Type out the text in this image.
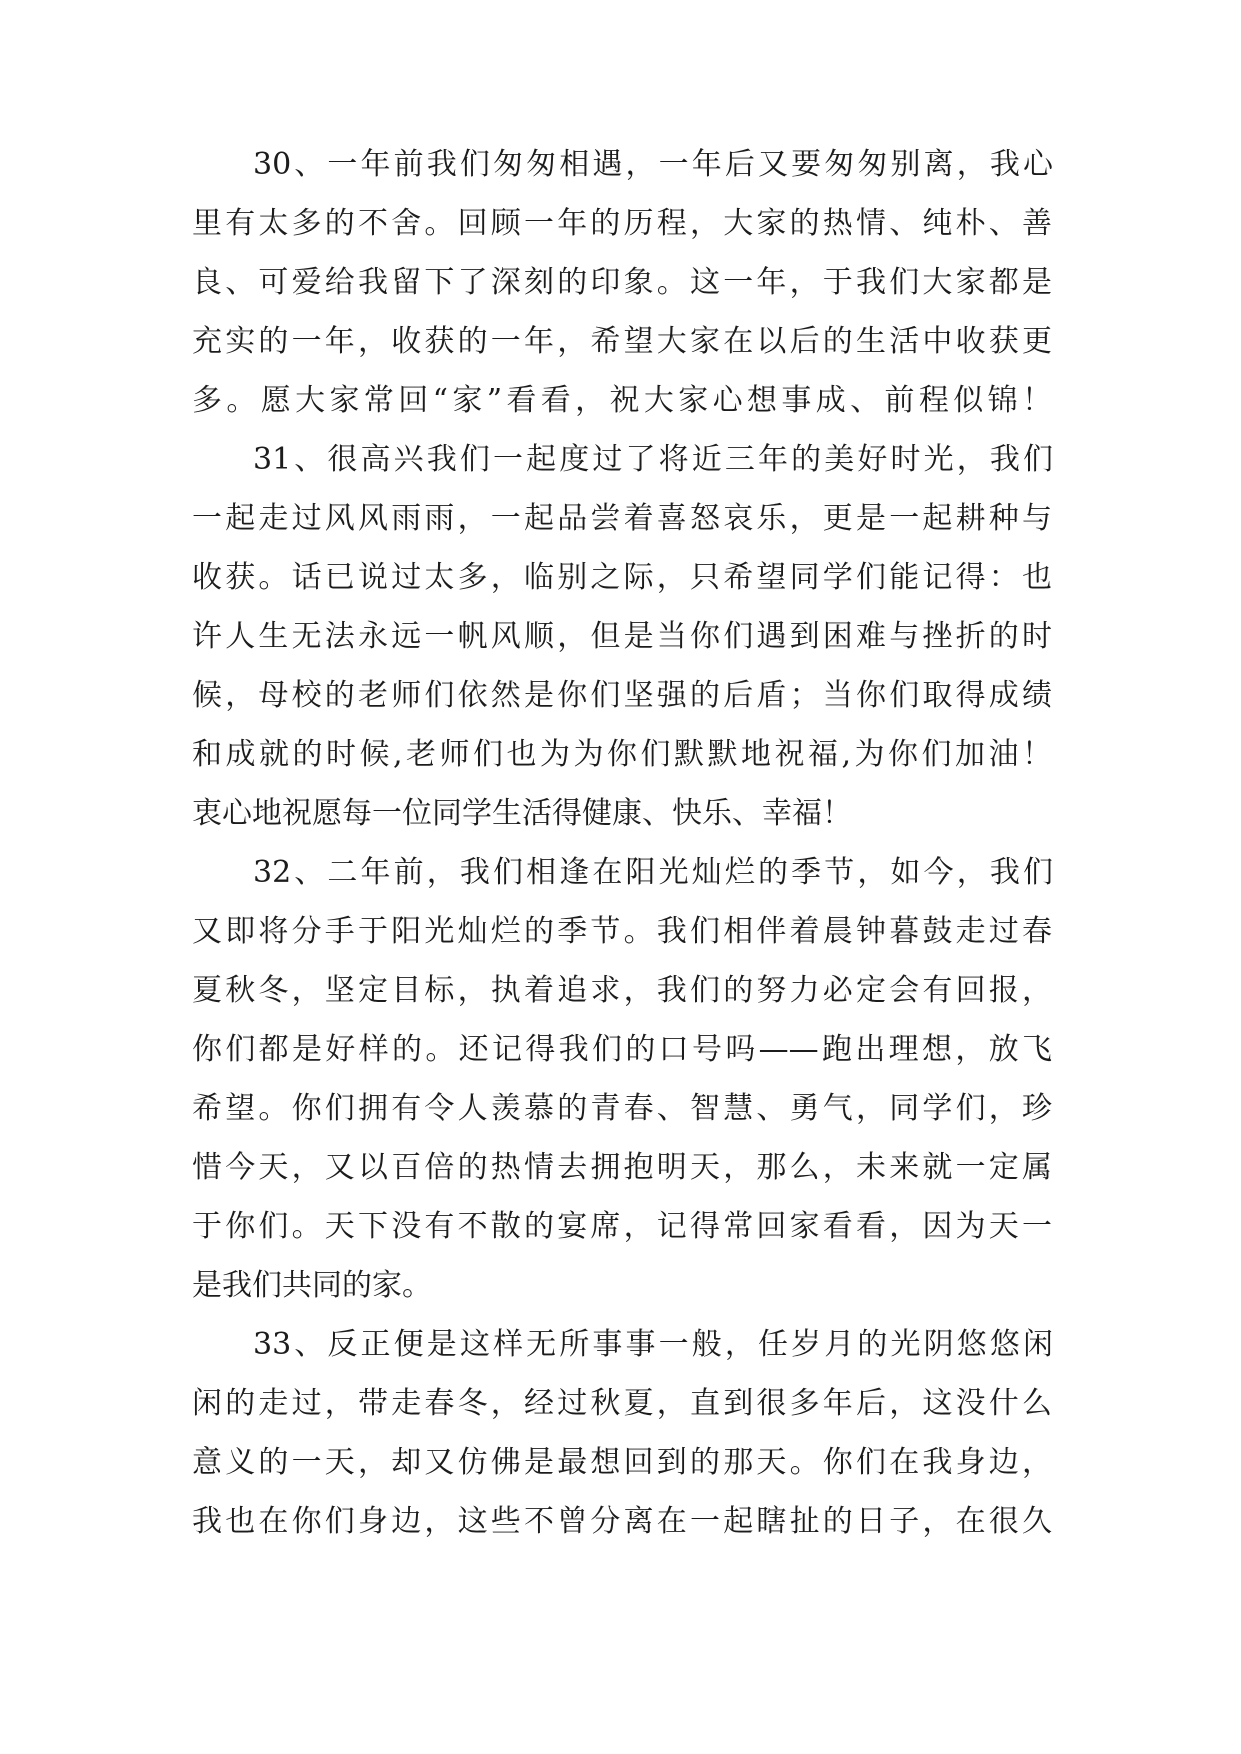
30、一年前我们匆匆相遇，一年后又要匆匆别离，我心
里有太多的不舍。回顾一年的历程，大家的热情、纯朴、善
良、可爱给我留下了深刻的印象。这一年，于我们大家都是
充实的一年，收获的一年，希望大家在以后的生活中收获更
多。愿大家常回“家”看看，祝大家心想事成、前程似锦！
31、很高兴我们一起度过了将近三年的美好时光，我们
一起走过风风雨雨，一起品尝着喜怒哀乐，更是一起耕种与
收获。话已说过太多，临别之际，只希望同学们能记得：也
许人生无法永远一帆风顺，但是当你们遇到困难与挫折的时
候，母校的老师们依然是你们坚强的后盾；当你们取得成绩
和成就的时候,老师们也为为你们默默地祝福,为你们加油！
衷心地祝愿每一位同学生活得健康、快乐、幸福！
32、二年前，我们相逢在阳光灿烂的季节，如今，我们
又即将分手于阳光灿烂的季节。我们相伴着晨钟暮鼓走过春
夏秋冬，坚定目标，执着追求，我们的努力必定会有回报，
你们都是好样的。还记得我们的口号吗——跑出理想，放飞
希望。你们拥有令人羡慕的青春、智慧、勇气，同学们，珍
惜今天，又以百倍的热情去拥抱明天，那么，未来就一定属
于你们。天下没有不散的宴席，记得常回家看看，因为天一
是我们共同的家。
33、反正便是这样无所事事一般，任岁月的光阴悠悠闲
闲的走过，带走春冬，经过秋夏，直到很多年后，这没什么
意义的一天，却又仿佛是最想回到的那天。你们在我身边，
我也在你们身边，这些不曾分离在一起瞎扯的日子，在很久
